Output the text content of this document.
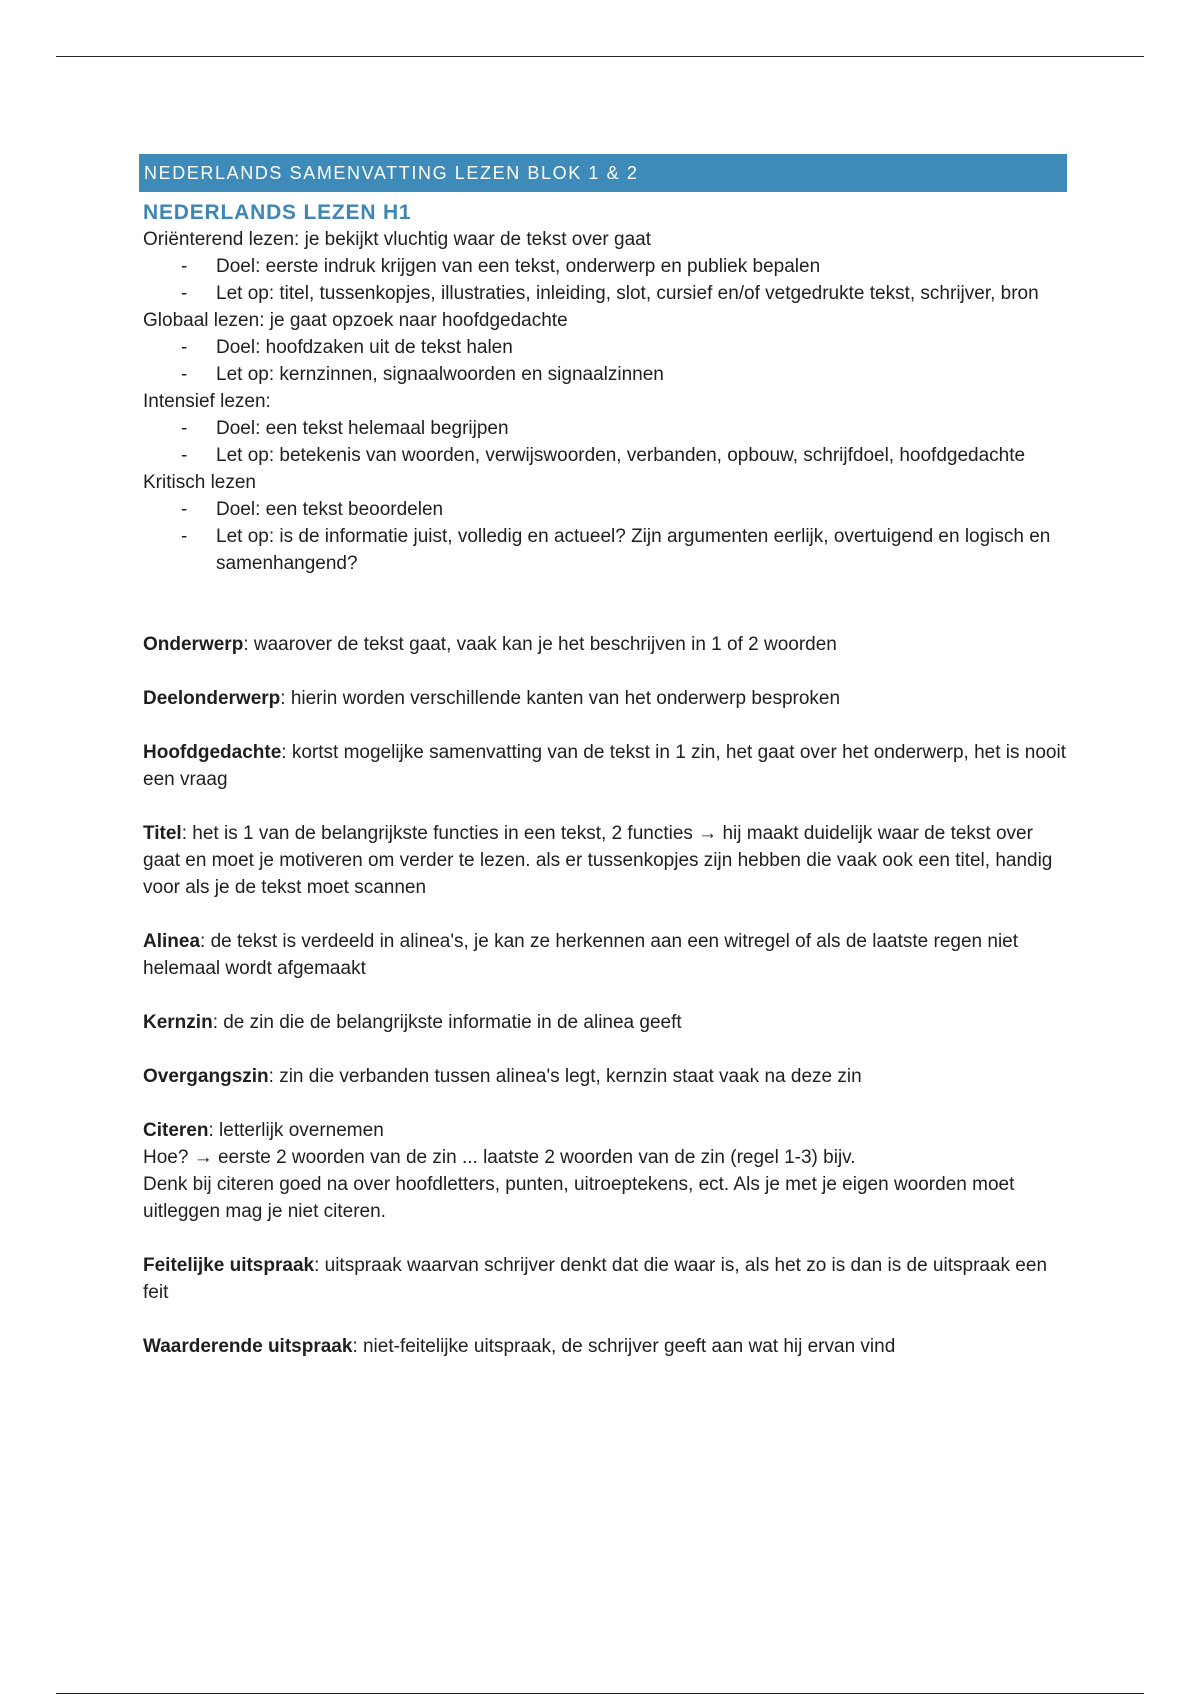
NEDERLANDS SAMENVATTING LEZEN BLOK 1 & 2
NEDERLANDS LEZEN H1
Oriënterend lezen: je bekijkt vluchtig waar de tekst over gaat
- Doel: eerste indruk krijgen van een tekst, onderwerp en publiek bepalen
- Let op: titel, tussenkopjes, illustraties, inleiding, slot, cursief en/of vetgedrukte tekst, schrijver, bron
Globaal lezen: je gaat opzoek naar hoofdgedachte
- Doel: hoofdzaken uit de tekst halen
- Let op: kernzinnen, signaalwoorden en signaalzinnen
Intensief lezen:
- Doel: een tekst helemaal begrijpen
- Let op: betekenis van woorden, verwijswoorden, verbanden, opbouw, schrijfdoel, hoofdgedachte
Kritisch lezen
- Doel: een tekst beoordelen
- Let op: is de informatie juist, volledig en actueel? Zijn argumenten eerlijk, overtuigend en logisch en samenhangend?
Onderwerp: waarover de tekst gaat, vaak kan je het beschrijven in 1 of 2 woorden
Deelonderwerp: hierin worden verschillende kanten van het onderwerp besproken
Hoofdgedachte: kortst mogelijke samenvatting van de tekst in 1 zin, het gaat over het onderwerp, het is nooit een vraag
Titel: het is 1 van de belangrijkste functies in een tekst, 2 functies → hij maakt duidelijk waar de tekst over gaat en moet je motiveren om verder te lezen. als er tussenkopjes zijn hebben die vaak ook een titel, handig voor als je de tekst moet scannen
Alinea: de tekst is verdeeld in alinea's, je kan ze herkennen aan een witregel of als de laatste regen niet helemaal wordt afgemaakt
Kernzin: de zin die de belangrijkste informatie in de alinea geeft
Overgangszin: zin die verbanden tussen alinea's legt, kernzin staat vaak na deze zin
Citeren: letterlijk overnemen
Hoe? → eerste 2 woorden van de zin ... laatste 2 woorden van de zin (regel 1-3) bijv.
Denk bij citeren goed na over hoofdletters, punten, uitroeptekens, ect. Als je met je eigen woorden moet uitleggen mag je niet citeren.
Feitelijke uitspraak: uitspraak waarvan schrijver denkt dat die waar is, als het zo is dan is de uitspraak een feit
Waarderende uitspraak: niet-feitelijke uitspraak, de schrijver geeft aan wat hij ervan vind
